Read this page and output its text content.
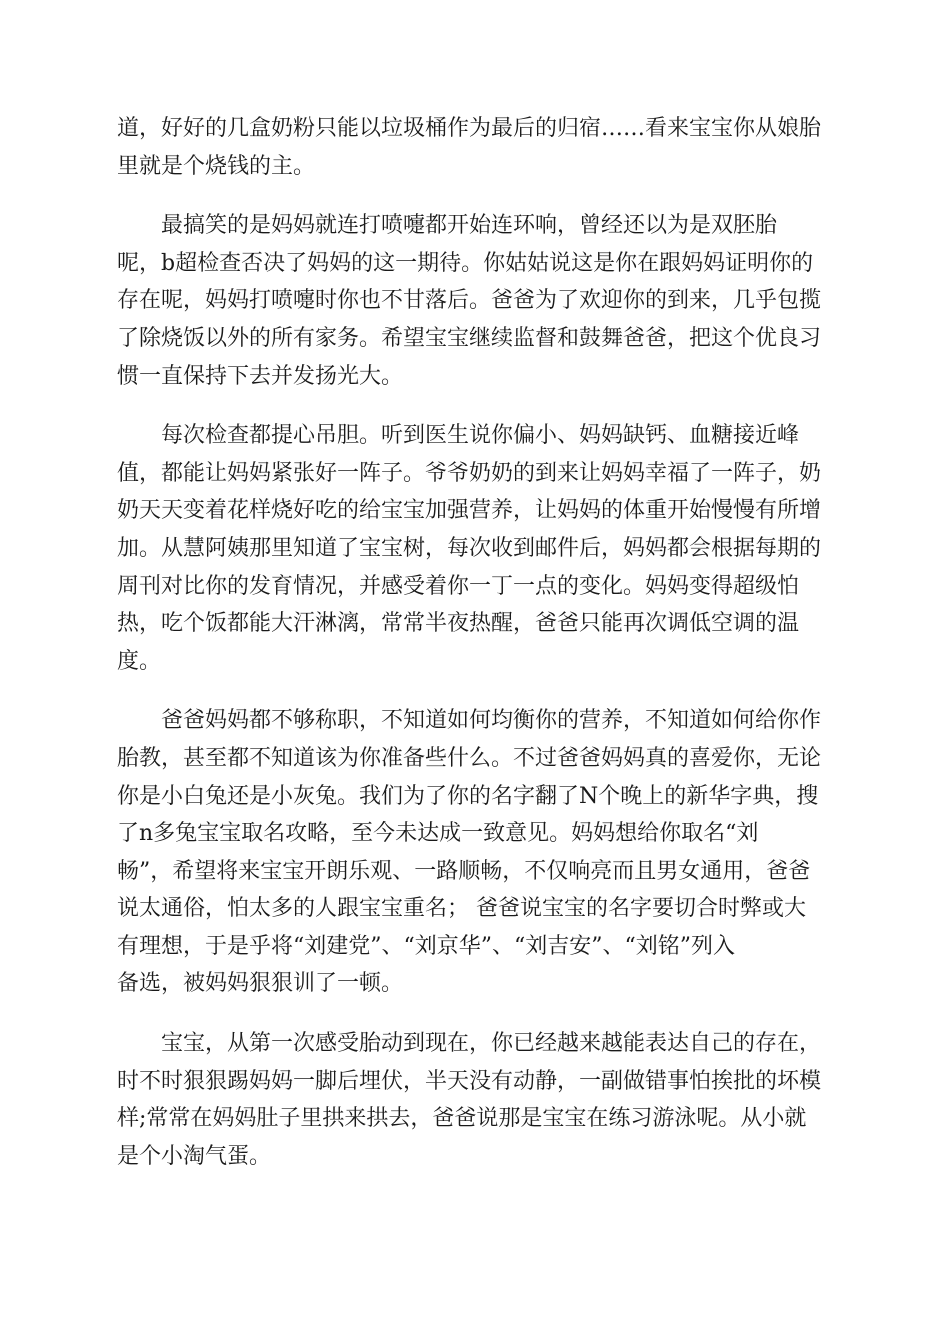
道，好好的几盒奶粉只能以垃圾桶作为最后的归宿……看来宝宝你从娘胎
里就是个烧钱的主。
最搞笑的是妈妈就连打喷嚏都开始连环响，曾经还以为是双胚胎
呢，b超检查否决了妈妈的这一期待。你姑姑说这是你在跟妈妈证明你的
存在呢，妈妈打喷嚏时你也不甘落后。爸爸为了欢迎你的到来，几乎包揽
了除烧饭以外的所有家务。希望宝宝继续监督和鼓舞爸爸，把这个优良习
惯一直保持下去并发扬光大。
每次检查都提心吊胆。听到医生说你偏小、妈妈缺钙、血糖接近峰
值，都能让妈妈紧张好一阵子。爷爷奶奶的到来让妈妈幸福了一阵子，奶
奶天天变着花样烧好吃的给宝宝加强营养，让妈妈的体重开始慢慢有所增
加。从慧阿姨那里知道了宝宝树，每次收到邮件后，妈妈都会根据每期的
周刊对比你的发育情况，并感受着你一丁一点的变化。妈妈变得超级怕
热，吃个饭都能大汗淋漓，常常半夜热醒，爸爸只能再次调低空调的温
度。
爸爸妈妈都不够称职，不知道如何均衡你的营养，不知道如何给你作
胎教，甚至都不知道该为你准备些什么。不过爸爸妈妈真的喜爱你，无论
你是小白兔还是小灰兔。我们为了你的名字翻了N个晚上的新华字典，搜
了n多兔宝宝取名攻略，至今未达成一致意见。妈妈想给你取名“刘
畅”，希望将来宝宝开朗乐观、一路顺畅，不仅响亮而且男女通用，爸爸
说太通俗，怕太多的人跟宝宝重名； 爸爸说宝宝的名字要切合时弊或大
有理想，于是乎将“刘建党”、“刘京华”、“刘吉安”、“刘铭”列入
备选，被妈妈狠狠训了一顿。
宝宝，从第一次感受胎动到现在，你已经越来越能表达自己的存在，
时不时狠狠踢妈妈一脚后埋伏，半天没有动静，一副做错事怕挨批的坏模
样;常常在妈妈肚子里拱来拱去，爸爸说那是宝宝在练习游泳呢。从小就
是个小淘气蛋。
